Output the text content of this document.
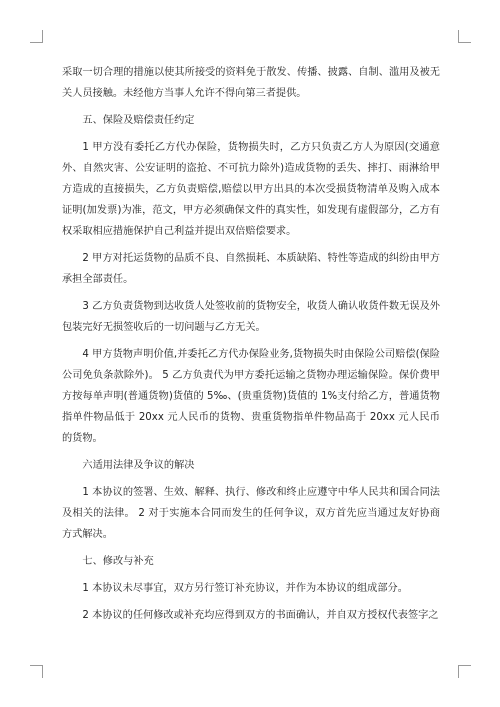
采取一切合理的措施以使其所接受的资料免于散发、传播、披露、自制、滥用及被无关人员接触。未经他方当事人允许不得向第三者提供。

五、保险及赔偿责任约定

1 甲方没有委托乙方代办保险，货物损失时，乙方只负责乙方人为原因(交通意外、自然灾害、公安证明的盗抢、不可抗力除外)造成货物的丢失、摔打、雨淋给甲方造成的直接损失，乙方负责赔偿,赔偿以甲方出具的本次受损货物清单及购入成本证明(加发票)为准，范文，甲方必须确保文件的真实性，如发现有虚假部分，乙方有权采取相应措施保护自己利益并提出双倍赔偿要求。

2 甲方对托运货物的品质不良、自然损耗、本质缺陷、特性等造成的纠纷由甲方承担全部责任。

3 乙方负责货物到达收货人处签收前的货物安全，收货人确认收货件数无误及外包装完好无损签收后的一切问题与乙方无关。

4 甲方货物声明价值,并委托乙方代办保险业务,货物损失时由保险公司赔偿(保险公司免负条款除外)。 5 乙方负责代为甲方委托运输之货物办理运输保险。保价费甲方按每单声明(普通货物)货值的 5‰、(贵重货物)货值的 1%支付给乙方，普通货物指单件物品低于 20xx 元人民币的货物、贵重货物指单件物品高于 20xx 元人民币的货物。

六适用法律及争议的解决

1 本协议的签署、生效、解释、执行、修改和终止应遵守中华人民共和国合同法及相关的法律。 2 对于实施本合同而发生的任何争议，双方首先应当通过友好协商方式解决。

七、修改与补充

1 本协议未尽事宜，双方另行签订补充协议，并作为本协议的组成部分。

2 本协议的任何修改或补充均应得到双方的书面确认，并自双方授权代表签字之
